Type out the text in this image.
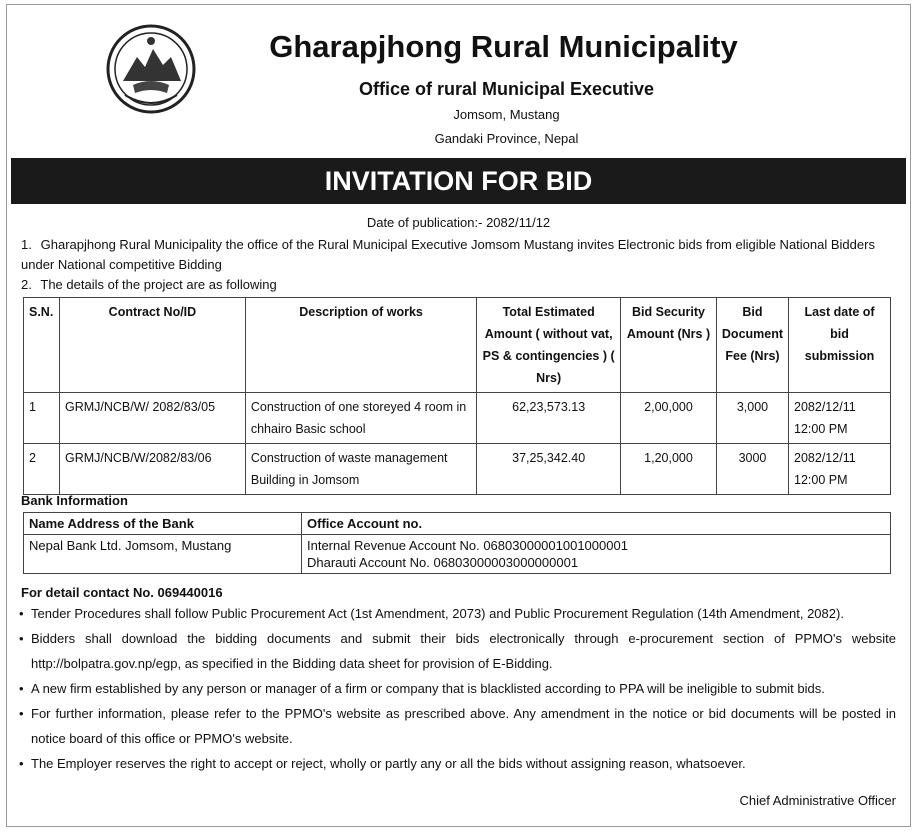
Gharapjhong Rural Municipality
Office of rural Municipal Executive
Jomsom, Mustang
Gandaki Province, Nepal
INVITATION FOR BID
Date of publication:- 2082/11/12
1. Gharapjhong Rural Municipality the office of the Rural Municipal Executive Jomsom Mustang invites Electronic bids from eligible National Bidders under National competitive Bidding
2. The details of the project are as following
S.N.	Contract No/ID	Description of works	Total Estimated Amount ( without vat, PS & contingencies ) ( Nrs)	Bid Security Amount (Nrs )	Bid Document Fee (Nrs)	Last date of bid submission
1	GRMJ/NCB/W/ 2082/83/05	Construction of one storeyed 4 room in chhairo Basic school	62,23,573.13	2,00,000	3,000	2082/12/11
12:00 PM
2	GRMJ/NCB/W/2082/83/06	Construction of waste management Building in Jomsom	37,25,342.40	1,20,000	3000	2082/12/11
12:00 PM
Bank Information
Name Address of the Bank	Office Account no.
Nepal Bank Ltd. Jomsom, Mustang	Internal Revenue Account No. 06803000001001000001
Dharauti Account No. 06803000003000000001
For detail contact No. 069440016
• Tender Procedures shall follow Public Procurement Act (1st Amendment, 2073) and Public Procurement Regulation (14th Amendment, 2082).
• Bidders shall download the bidding documents and submit their bids electronically through e-procurement section of PPMO's website http://bolpatra.gov.np/egp, as specified in the Bidding data sheet for provision of E-Bidding.
• A new firm established by any person or manager of a firm or company that is blacklisted according to PPA will be ineligible to submit bids.
• For further information, please refer to the PPMO's website as prescribed above. Any amendment in the notice or bid documents will be posted in notice board of this office or PPMO's website.
• The Employer reserves the right to accept or reject, wholly or partly any or all the bids without assigning reason, whatsoever.
Chief Administrative Officer
